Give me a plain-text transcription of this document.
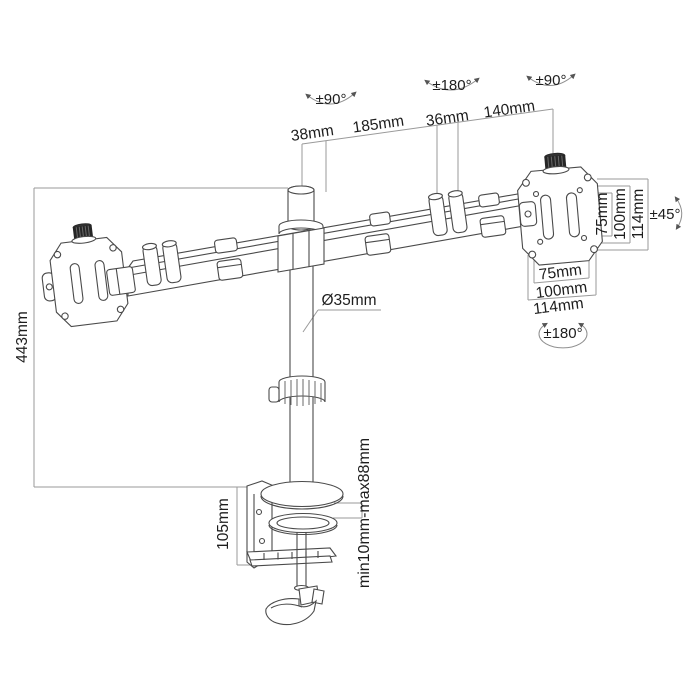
38mm 185mm 36mm 140mm
±90°
±180°	±90°
±45°
±180°
443mm
Ø35mm
75mm 100mm 114mm
75mm
100mm
114mm
105mm	min10mm-max88mm
